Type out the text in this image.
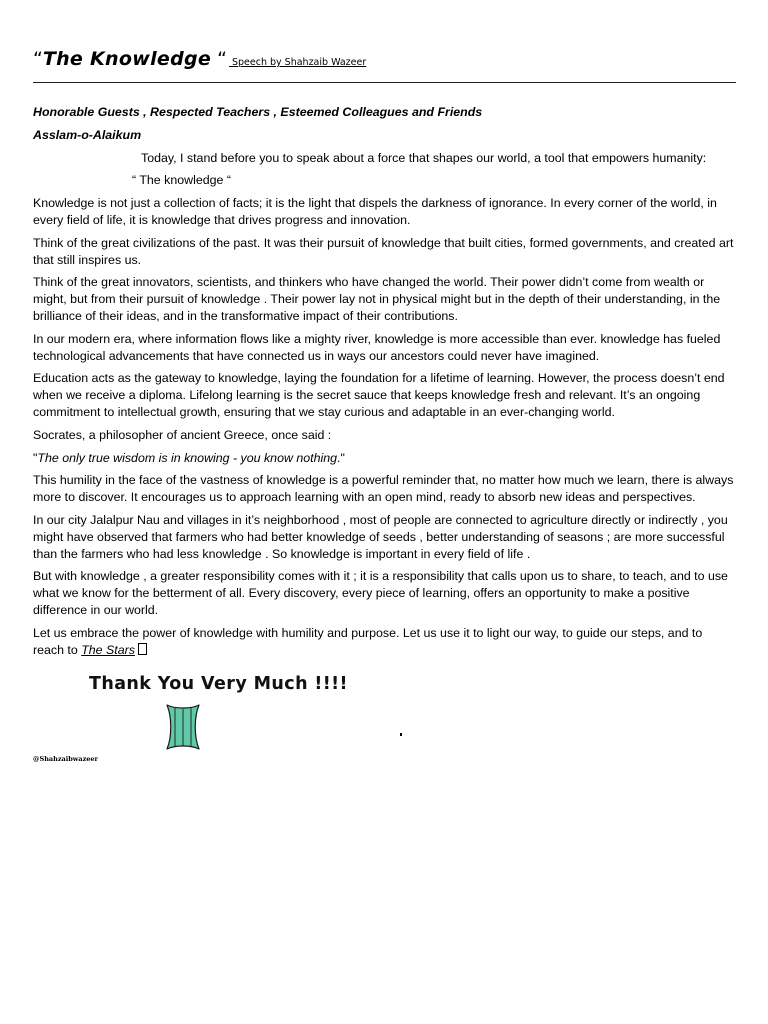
“The Knowledge “ Speech by Shahzaib Wazeer

Honorable Guests , Respected Teachers , Esteemed Colleagues and Friends

Asslam-o-Alaikum

Today, I stand before you to speak about a force that shapes our world, a tool that empowers humanity:

“ The knowledge “

Knowledge is not just a collection of facts; it is the light that dispels the darkness of ignorance. In every corner of the world, in every field of life, it is knowledge that drives progress and innovation.

Think of the great civilizations of the past. It was their pursuit of knowledge that built cities, formed governments, and created art that still inspires us.

Think of the great innovators, scientists, and thinkers who have changed the world. Their power didn’t come from wealth or might, but from their pursuit of knowledge . Their power lay not in physical might but in the depth of their understanding, in the brilliance of their ideas, and in the transformative impact of their contributions.

In our modern era, where information flows like a mighty river, knowledge is more accessible than ever. knowledge has fueled technological advancements that have connected us in ways our ancestors could never have imagined.

Education acts as the gateway to knowledge, laying the foundation for a lifetime of learning. However, the process doesn’t end when we receive a diploma. Lifelong learning is the secret sauce that keeps knowledge fresh and relevant. It’s an ongoing commitment to intellectual growth, ensuring that we stay curious and adaptable in an ever-changing world.

Socrates, a philosopher of ancient Greece, once said :

"The only true wisdom is in knowing - you know nothing."

This humility in the face of the vastness of knowledge is a powerful reminder that, no matter how much we learn, there is always more to discover. It encourages us to approach learning with an open mind, ready to absorb new ideas and perspectives.

In our city Jalalpur Nau and villages in it’s neighborhood , most of people are connected to agriculture directly or indirectly , you might have observed that farmers who had better knowledge of seeds , better understanding of seasons ; are more successful than the farmers who had less knowledge . So knowledge is important in every field of life .

But with knowledge , a greater responsibility comes with it ; it is a responsibility that calls upon us to share, to teach, and to use what we know for the betterment of all. Every discovery, every piece of learning, offers an opportunity to make a positive difference in our world.

Let us embrace the power of knowledge with humility and purpose. Let us use it to light our way, to guide our steps, and to reach to The Stars

Thank You Very Much !!!!
@Shahzaibwazeer
